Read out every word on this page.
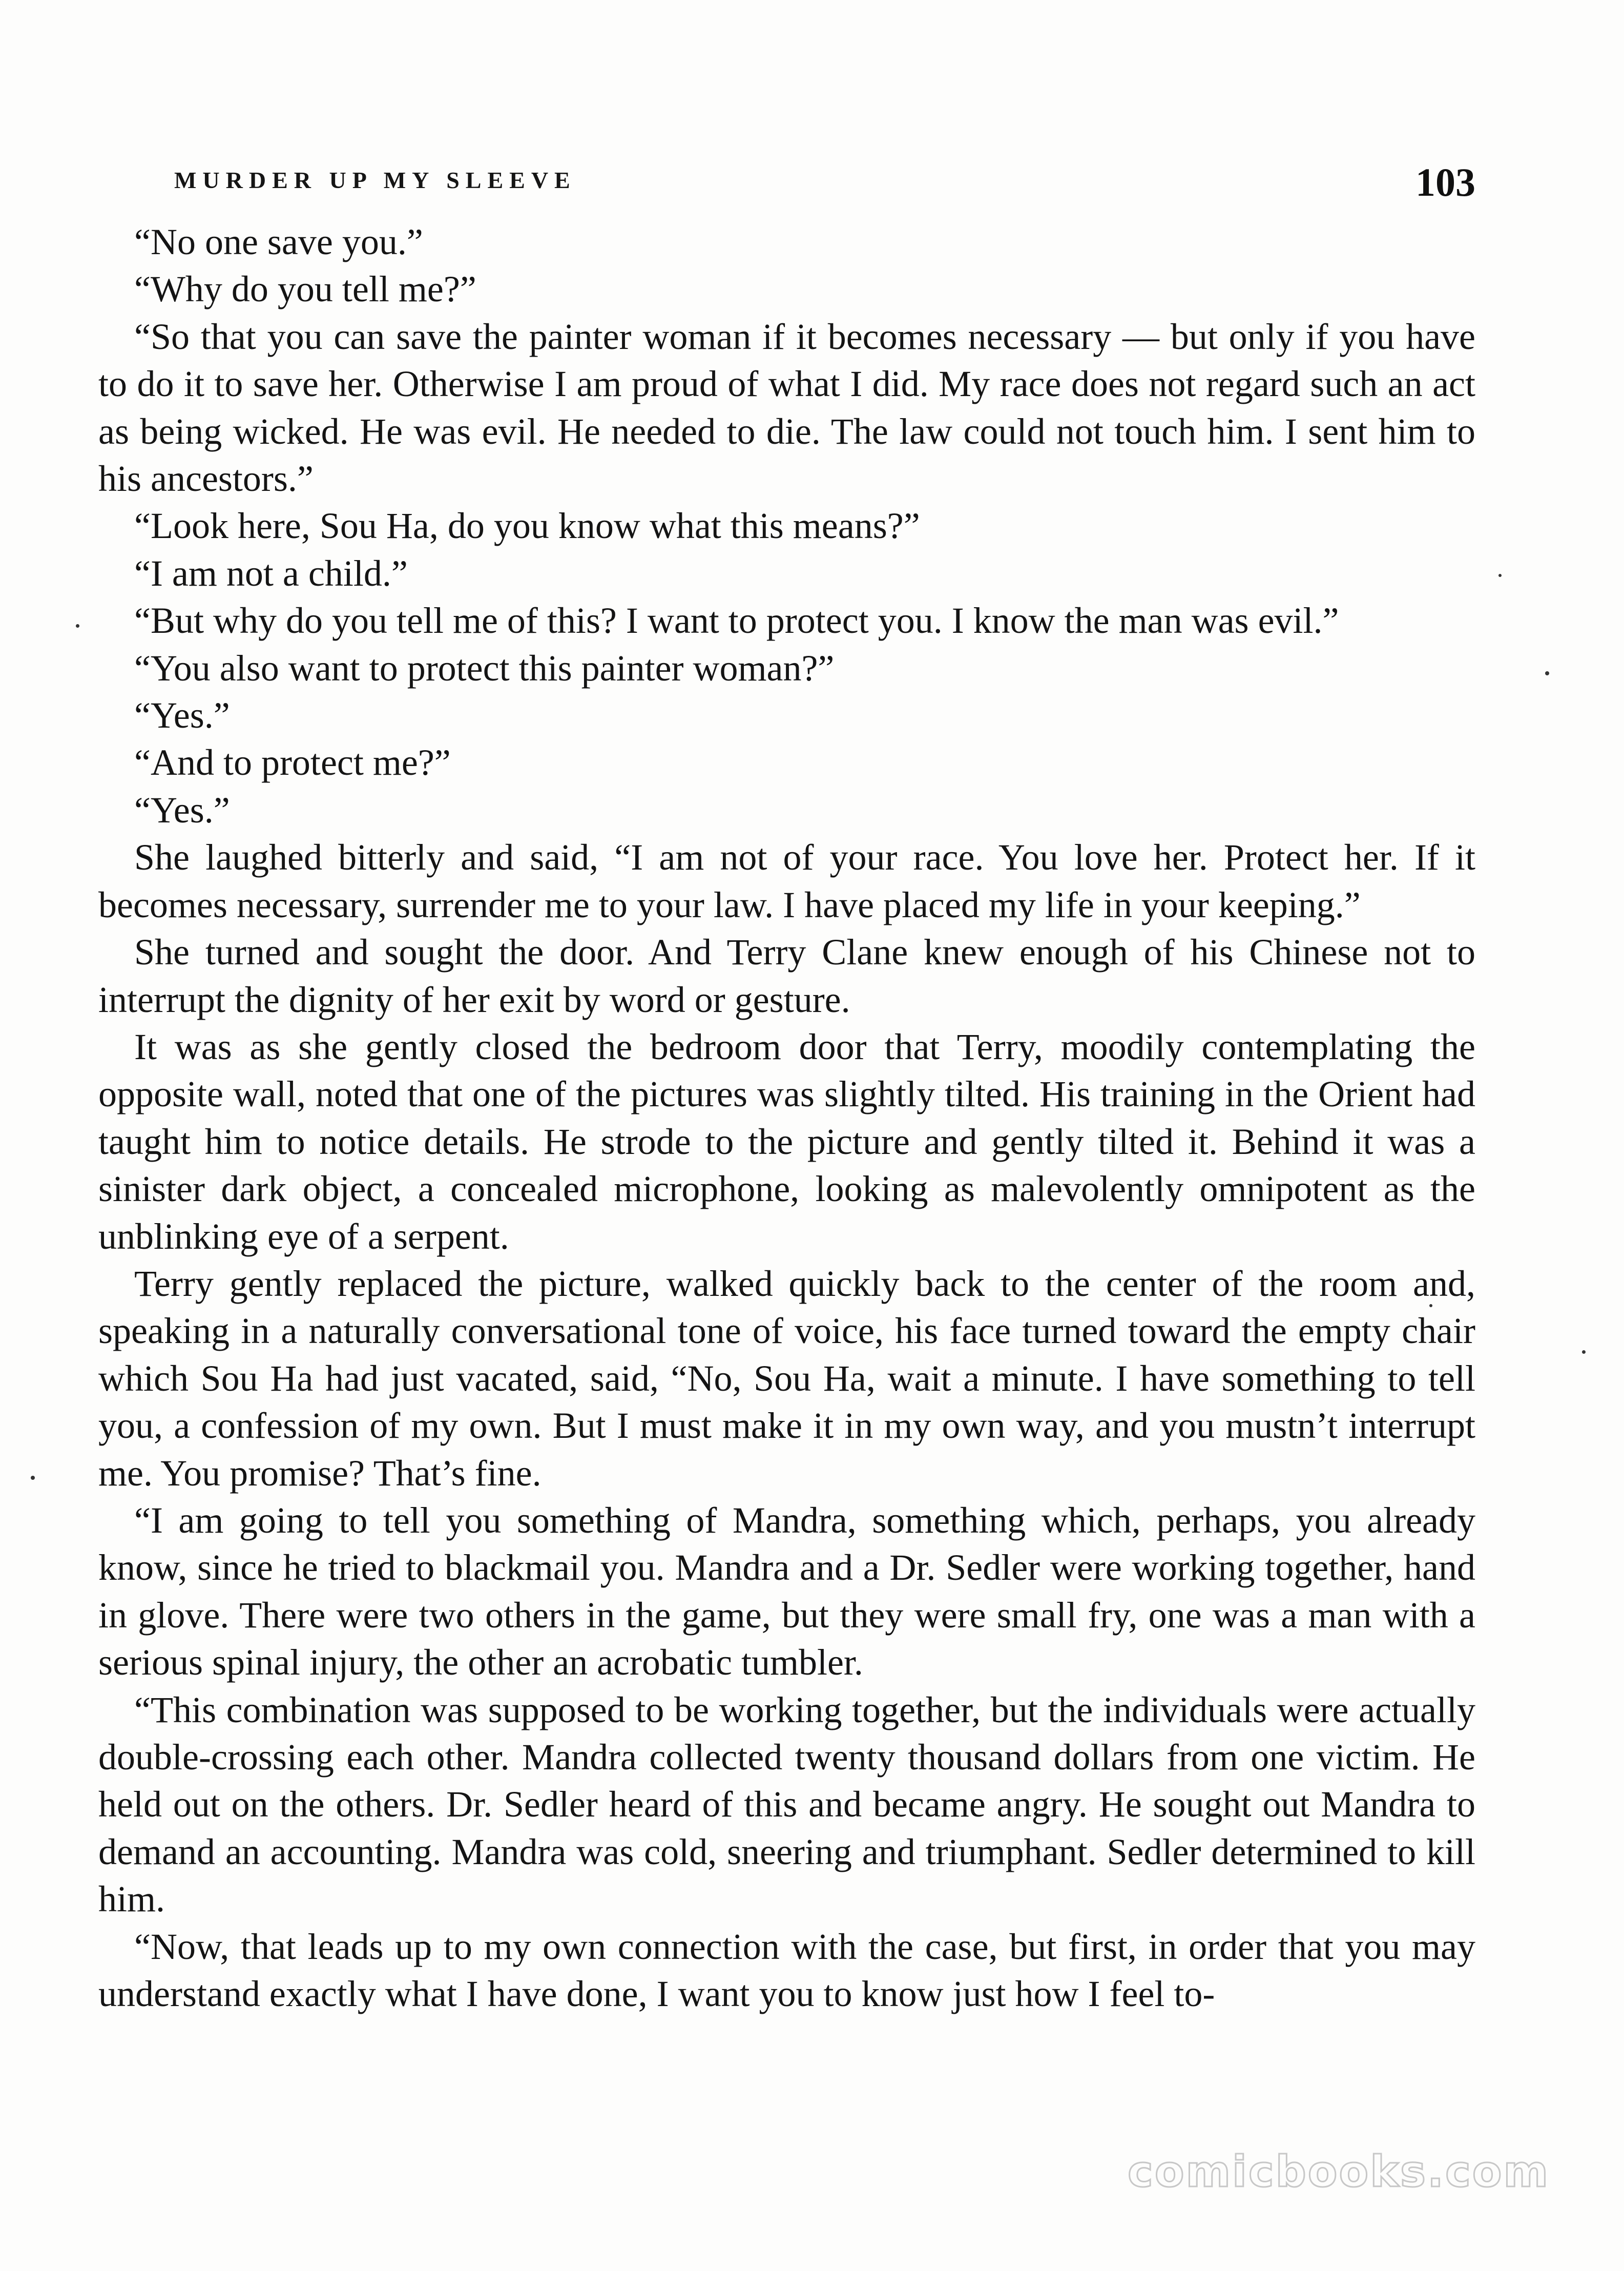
MURDER UP MY SLEEVE	103

“No one save you.”

“Why do you tell me?”

“So that you can save the painter woman if it becomes necessary — but only if you have to do it to save her. Otherwise I am proud of what I did. My race does not regard such an act as being wicked. He was evil. He needed to die. The law could not touch him. I sent him to his ancestors.”

“Look here, Sou Ha, do you know what this means?”

“I am not a child.”

“But why do you tell me of this? I want to protect you. I know the man was evil.”

“You also want to protect this painter woman?”

“Yes.”

“And to protect me?”

“Yes.”

She laughed bitterly and said, “I am not of your race. You love her. Protect her. If it becomes necessary, surrender me to your law. I have placed my life in your keeping.”

She turned and sought the door. And Terry Clane knew enough of his Chinese not to interrupt the dignity of her exit by word or gesture.

It was as she gently closed the bedroom door that Terry, moodily contemplating the opposite wall, noted that one of the pictures was slightly tilted. His training in the Orient had taught him to notice details. He strode to the picture and gently tilted it. Behind it was a sinister dark object, a concealed microphone, looking as malevolently omnipotent as the unblinking eye of a serpent.

Terry gently replaced the picture, walked quickly back to the center of the room and, speaking in a naturally conversational tone of voice, his face turned toward the empty chair which Sou Ha had just vacated, said, “No, Sou Ha, wait a minute. I have something to tell you, a confession of my own. But I must make it in my own way, and you mustn’t interrupt me. You promise? That’s fine.

“I am going to tell you something of Mandra, something which, perhaps, you already know, since he tried to blackmail you. Mandra and a Dr. Sedler were working together, hand in glove. There were two others in the game, but they were small fry, one was a man with a serious spinal injury, the other an acrobatic tumbler.

“This combination was supposed to be working together, but the individuals were actually double-crossing each other. Mandra collected twenty thousand dollars from one victim. He held out on the others. Dr. Sedler heard of this and became angry. He sought out Mandra to demand an accounting. Mandra was cold, sneering and triumphant. Sedler determined to kill him.

“Now, that leads up to my own connection with the case, but first, in order that you may understand exactly what I have done, I want you to know just how I feel to-

comicbooks.com
